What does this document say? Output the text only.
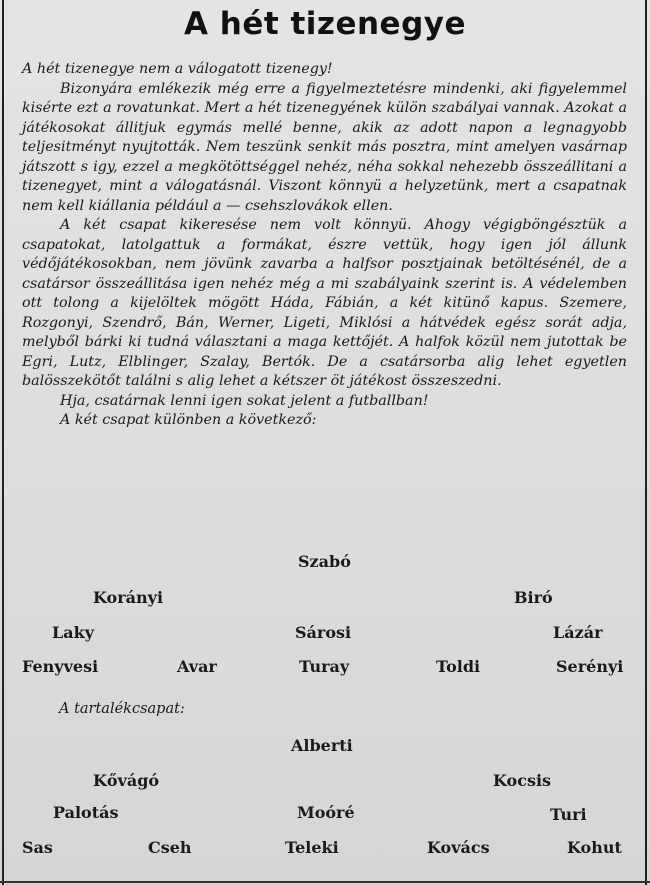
A hét tizenegye

A hét tizenegye nem a válogatott tizenegy!

Bizonyára emlékezik még erre a figyelmeztetésre mindenki, aki figyelemmel kisérte ezt a rovatunkat. Mert a hét tizenegyének külön szabályai vannak. Azokat a játékosokat állitjuk egymás mellé benne, akik az adott napon a legnagyobb teljesitményt nyujtották. Nem teszünk senkit más posztra, mint amelyen vasárnap játszott s igy, ezzel a megkötöttséggel nehéz, néha sokkal nehezebb összeállitani a tizenegyet, mint a válogatásnál. Viszont könnyü a helyzetünk, mert a csapatnak nem kell kiállania például a — csehszlovákok ellen.

A két csapat kikeresése nem volt könnyü. Ahogy végigböngésztük a csapatokat, latolgattuk a formákat, észre vettük, hogy igen jól állunk védőjátékosokban, nem jövünk zavarba a halfsor posztjainak betöltésénél, de a csatársor összeállitása igen nehéz még a mi szabályaink szerint is. A védelemben ott tolong a kijelöltek mögött Háda, Fábián, a két kitünő kapus. Szemere, Rozgonyi, Szendrő, Bán, Werner, Ligeti, Miklósi a hátvédek egész sorát adja, melyből bárki ki tudná választani a maga kettőjét. A halfok közül nem jutottak be Egri, Lutz, Elblinger, Szalay, Bertók. De a csatársorba alig lehet egyetlen balösszekötőt találni s alig lehet a kétszer öt játékost összeszedni.

Hja, csatárnak lenni igen sokat jelent a futballban!

A két csapat különben a következő:

Szabó
Korányi	Biró
Laky	Sárosi	Lázár
Fenyvesi	Avar	Turay	Toldi	Serényi
A tartalékcsapat:
Alberti
Kővágó	Kocsis
Palotás	Moóré	Turi
Sas	Cseh	Teleki	Kovács	Kohut
